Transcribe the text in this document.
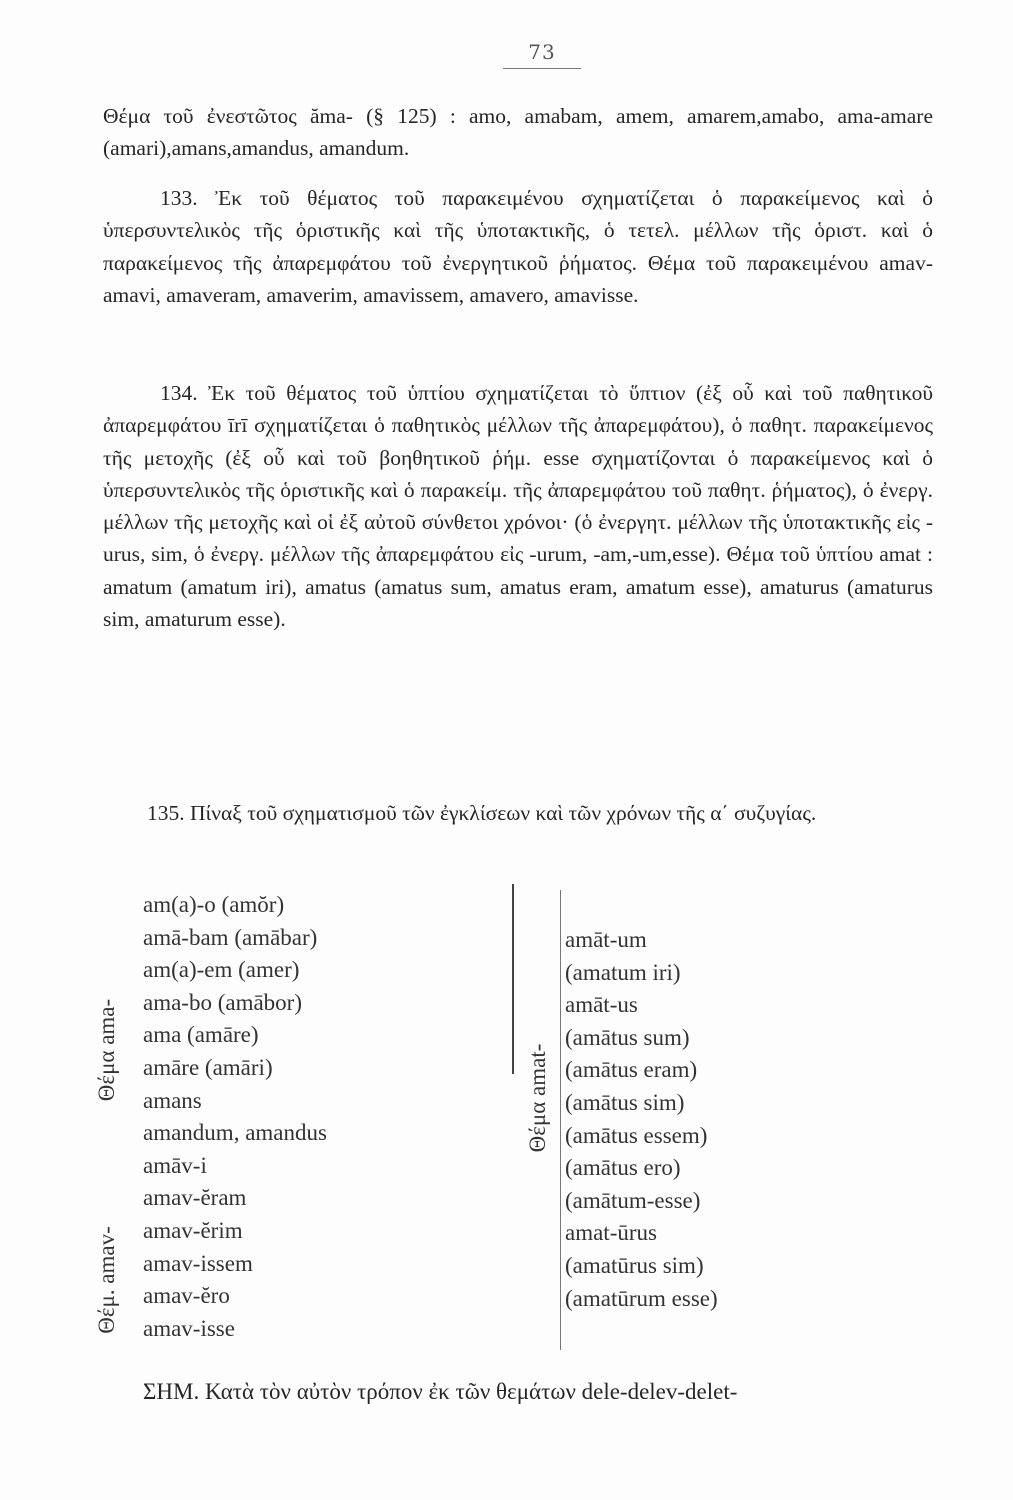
73

Θέμα τοῦ ἐνεστῶτος ăma- (§ 125) : amo, amabam, amem, amarem,amabo, ama-amare (amari),amans,amandus, amandum.

133. Ἐκ τοῦ θέματος τοῦ παρακειμένου σχηματίζεται ὁ παρακείμενος καὶ ὁ ὑπερσυντελικὸς τῆς ὁριστικῆς καὶ τῆς ὑποτακτικῆς, ὁ τετελ. μέλλων τῆς ὁριστ. καὶ ὁ παρακείμενος τῆς ἀπαρεμφάτου τοῦ ἐνεργητικοῦ ῥήματος. Θέμα τοῦ παρακειμένου amav- amavi, amaveram, amaverim, amavissem, amavero, amavisse.

134. Ἐκ τοῦ θέματος τοῦ ὑπτίου σχηματίζεται τὸ ὕπτιον (ἐξ οὗ καὶ τοῦ παθητικοῦ ἀπαρεμφάτου īrī σχηματίζεται ὁ παθητικὸς μέλλων τῆς ἀπαρεμφάτου), ὁ παθητ. παρακείμενος τῆς μετοχῆς (ἐξ οὗ καὶ τοῦ βοηθητικοῦ ῥήμ. esse σχηματίζονται ὁ παρακείμενος καὶ ὁ ὑπερσυντελικὸς τῆς ὁριστικῆς καὶ ὁ παρακείμ. τῆς ἀπαρεμφάτου τοῦ παθητ. ῥήματος), ὁ ἐνεργ. μέλλων τῆς μετοχῆς καὶ οἱ ἐξ αὐτοῦ σύνθετοι χρόνοι· (ὁ ἐνεργητ. μέλλων τῆς ὑποτακτικῆς εἰς -urus, sim, ὁ ἐνεργ. μέλλων τῆς ἀπαρεμφάτου εἰς -urum, -am,-um,esse). Θέμα τοῦ ὑπτίου amat : amatum (amatum iri), amatus (amatus sum, amatus eram, amatum esse), amaturus (amaturus sim, amaturum esse).

135. Πίναξ τοῦ σχηματισμοῦ τῶν ἐγκλίσεων καὶ τῶν χρόνων τῆς α΄ συζυγίας.

Θέμα ama-
Θέμ. amav-
Θέμα amat-
am(a)-o (amŏr)
amā-bam (amābar)
am(a)-em (amer)
ama-bo (amābor)
ama (amāre)
amāre (amāri)
amans
amandum, amandus
amāv-i
amav-ĕram
amav-ĕrim
amav-issem
amav-ĕro
amav-isse
amāt-um
(amatum iri)
amāt-us
(amātus sum)
(amātus eram)
(amātus sim)
(amātus essem)
(amātus ero)
(amātum-esse)
amat-ūrus
(amatūrus sim)
(amatūrum esse)
ΣΗΜ. Κατὰ τὸν αὐτὸν τρόπον ἐκ τῶν θεμάτων dele-delev-delet-
